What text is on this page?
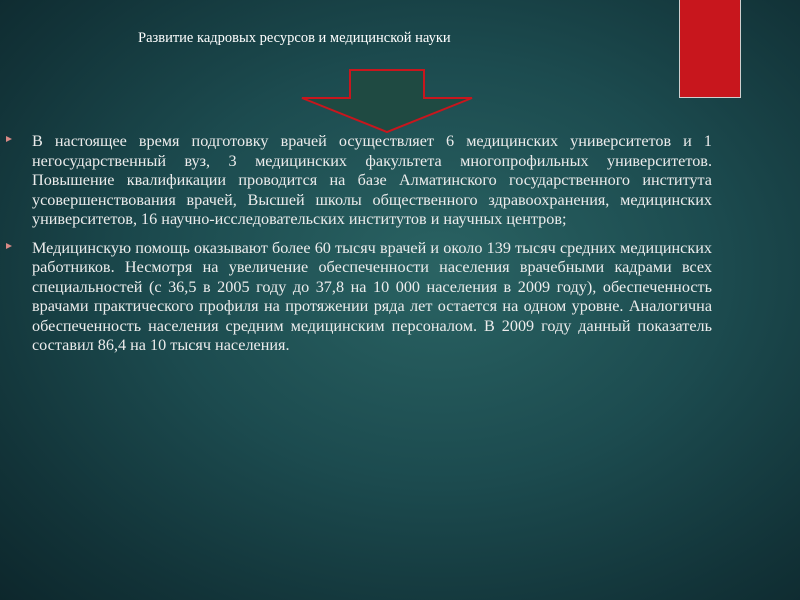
Развитие кадровых ресурсов и медицинской науки
В настоящее время подготовку врачей осуществляет 6 медицинских университетов и 1 негосударственный вуз, 3 медицинских факультета многопрофильных университетов. Повышение квалификации проводится на базе Алматинского государственного института усовершенствования врачей, Высшей школы общественного здравоохранения, медицинских университетов, 16 научно-исследовательских институтов и научных центров;
Медицинскую помощь оказывают более 60 тысяч врачей и около 139 тысяч средних медицинских работников. Несмотря на увеличение обеспеченности населения врачебными кадрами всех специальностей (с 36,5 в 2005 году до 37,8 на 10 000 населения в 2009 году), обеспеченность врачами практического профиля на протяжении ряда лет остается на одном уровне. Аналогична обеспеченность населения средним медицинским персоналом. В 2009 году данный показатель составил 86,4 на 10 тысяч населения.
